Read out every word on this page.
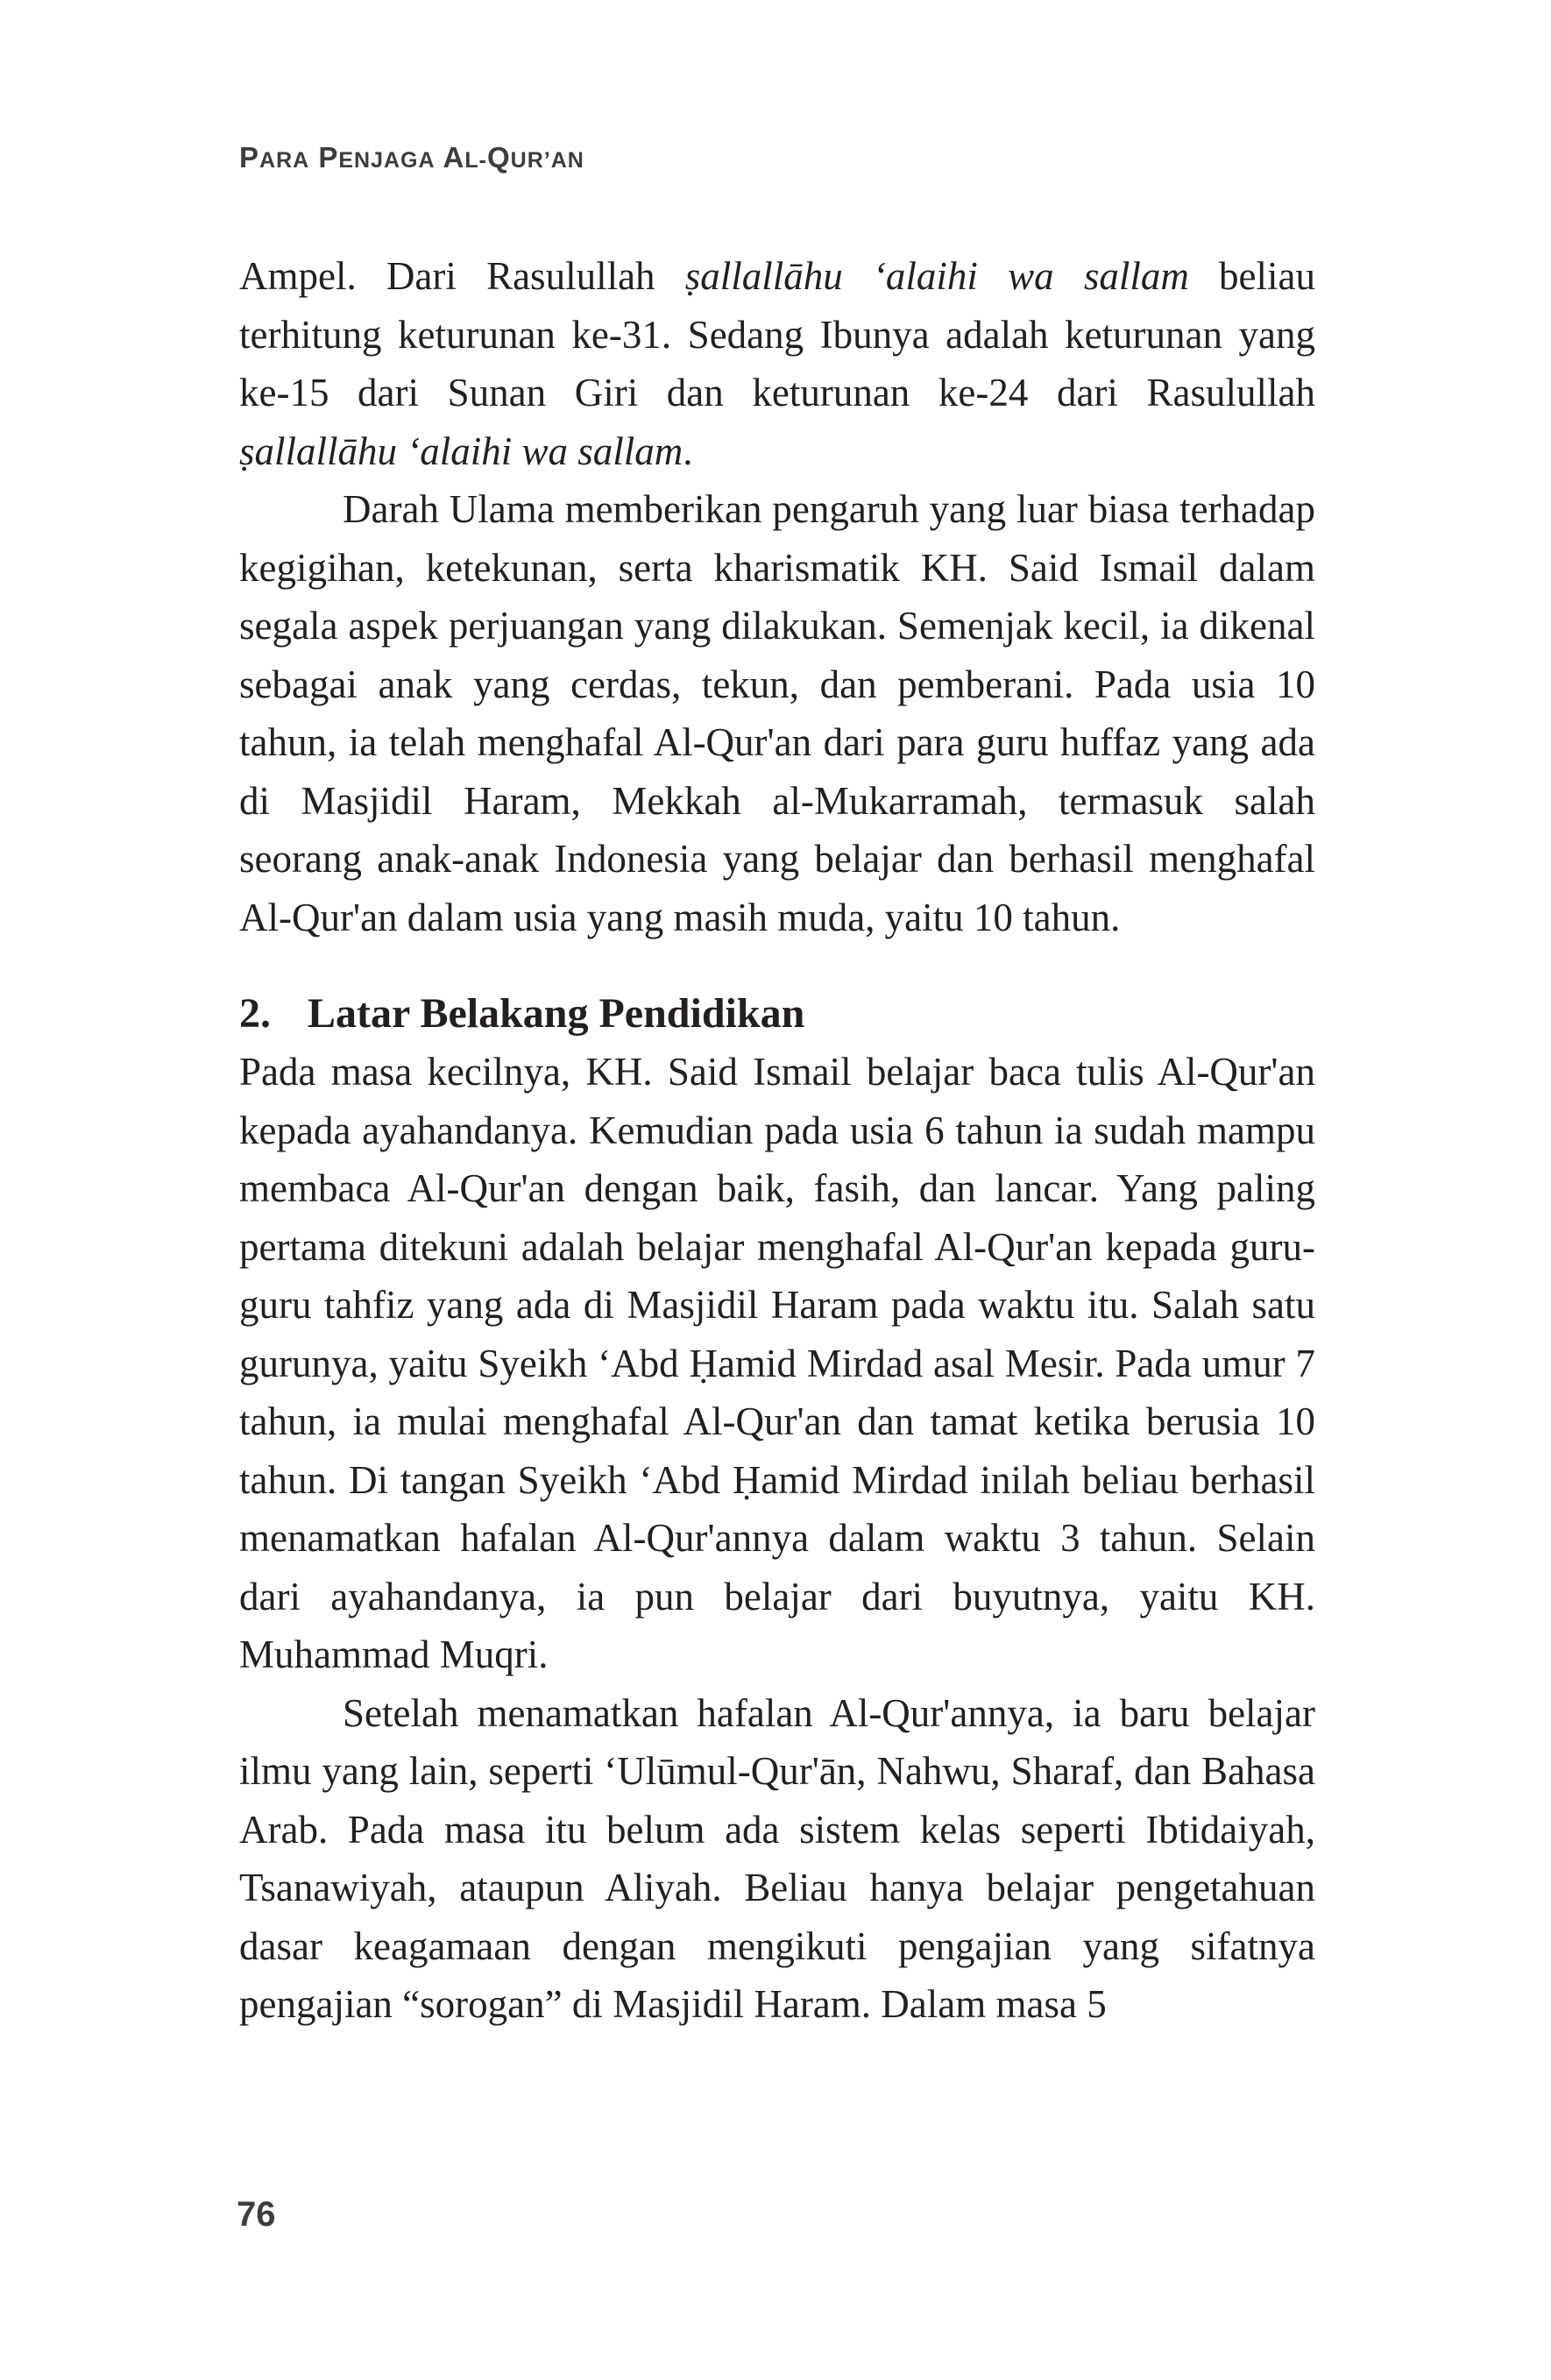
PARA PENJAGA AL-QUR’AN

Ampel. Dari Rasulullah ṣallallāhu ‘alaihi wa sallam beliau terhitung keturunan ke-31. Sedang Ibunya adalah keturunan yang ke-15 dari Sunan Giri dan keturunan ke-24 dari Rasulullah ṣallallāhu ‘alaihi wa sallam.

Darah Ulama memberikan pengaruh yang luar biasa terhadap kegigihan, ketekunan, serta kharismatik KH. Said Ismail dalam segala aspek perjuangan yang dilakukan. Semenjak kecil, ia dikenal sebagai anak yang cerdas, tekun, dan pemberani. Pada usia 10 tahun, ia telah menghafal Al-Qur'an dari para guru huffaz yang ada di Masjidil Haram, Mekkah al-Mukarramah, termasuk salah seorang anak-anak Indonesia yang belajar dan berhasil menghafal Al-Qur'an dalam usia yang masih muda, yaitu 10 tahun.

2. Latar Belakang Pendidikan

Pada masa kecilnya, KH. Said Ismail belajar baca tulis Al-Qur'an kepada ayahandanya. Kemudian pada usia 6 tahun ia sudah mampu membaca Al-Qur'an dengan baik, fasih, dan lancar. Yang paling pertama ditekuni adalah belajar menghafal Al-Qur'an kepada guru-guru tahfiz yang ada di Masjidil Haram pada waktu itu. Salah satu gurunya, yaitu Syeikh ‘Abd Ḥamid Mirdad asal Mesir. Pada umur 7 tahun, ia mulai menghafal Al-Qur'an dan tamat ketika berusia 10 tahun. Di tangan Syeikh ‘Abd Ḥamid Mirdad inilah beliau berhasil menamatkan hafalan Al-Qur'annya dalam waktu 3 tahun. Selain dari ayahandanya, ia pun belajar dari buyutnya, yaitu KH. Muhammad Muqri.

Setelah menamatkan hafalan Al-Qur'annya, ia baru belajar ilmu yang lain, seperti ‘Ulūmul-Qur'ān, Nahwu, Sharaf, dan Bahasa Arab. Pada masa itu belum ada sistem kelas seperti Ibtidaiyah, Tsanawiyah, ataupun Aliyah. Beliau hanya belajar pengetahuan dasar keagamaan dengan mengikuti pengajian yang sifatnya pengajian “sorogan” di Masjidil Haram. Dalam masa 5

76
